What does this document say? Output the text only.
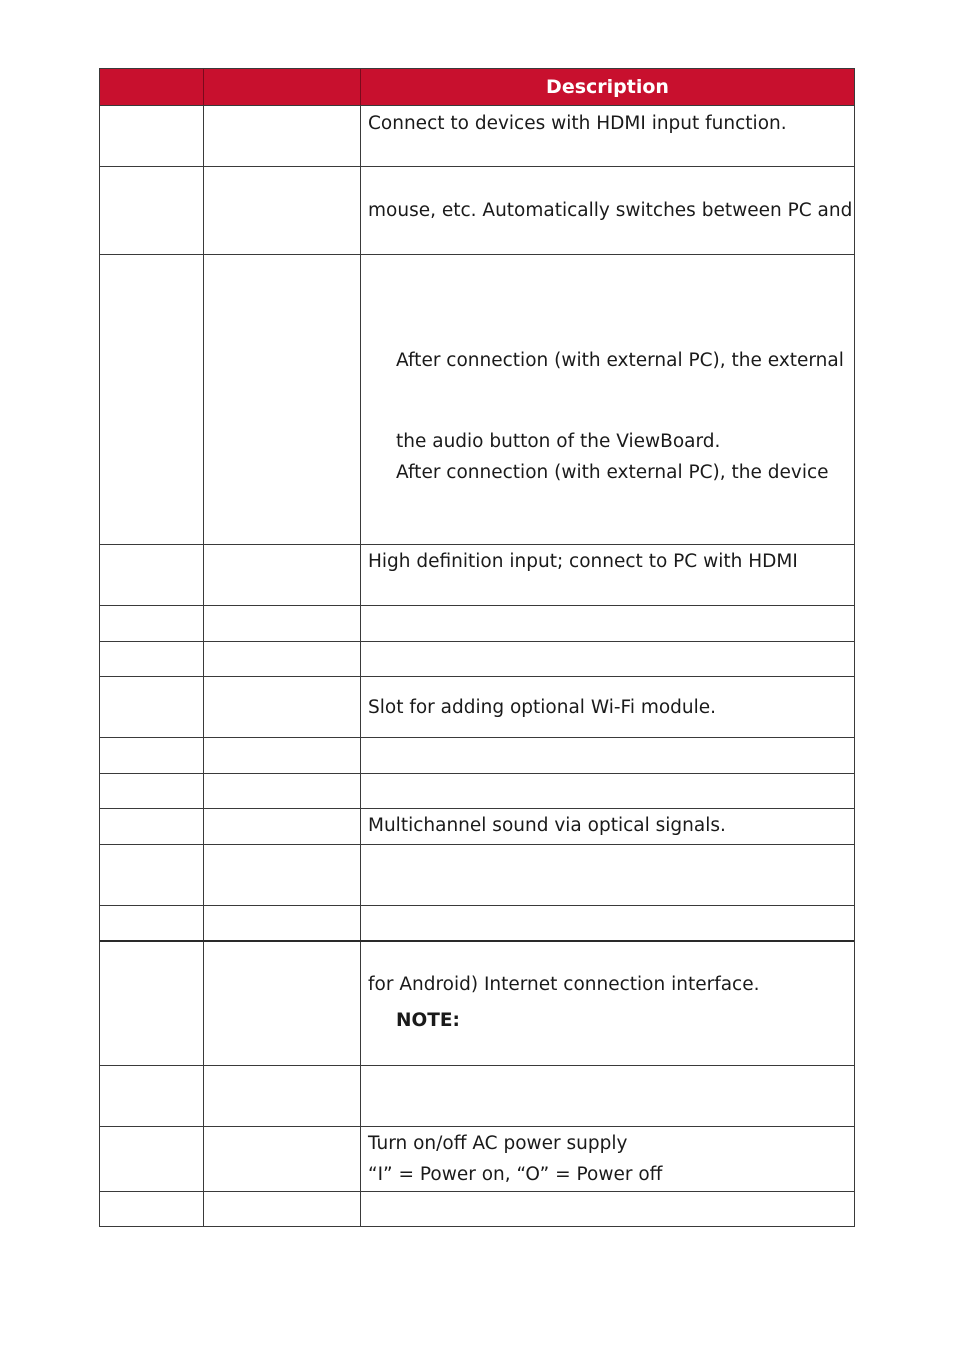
Description
Connect to devices with HDMI input function.
mouse, etc. Automatically switches between PC and
After connection (with external PC), the external
the audio button of the ViewBoard.
After connection (with external PC), the device
High definition input; connect to PC with HDMI
Slot for adding optional Wi-Fi module.
Multichannel sound via optical signals.
for Android) Internet connection interface.
NOTE:
Turn on/off AC power supply
“I” = Power on, “O” = Power off
